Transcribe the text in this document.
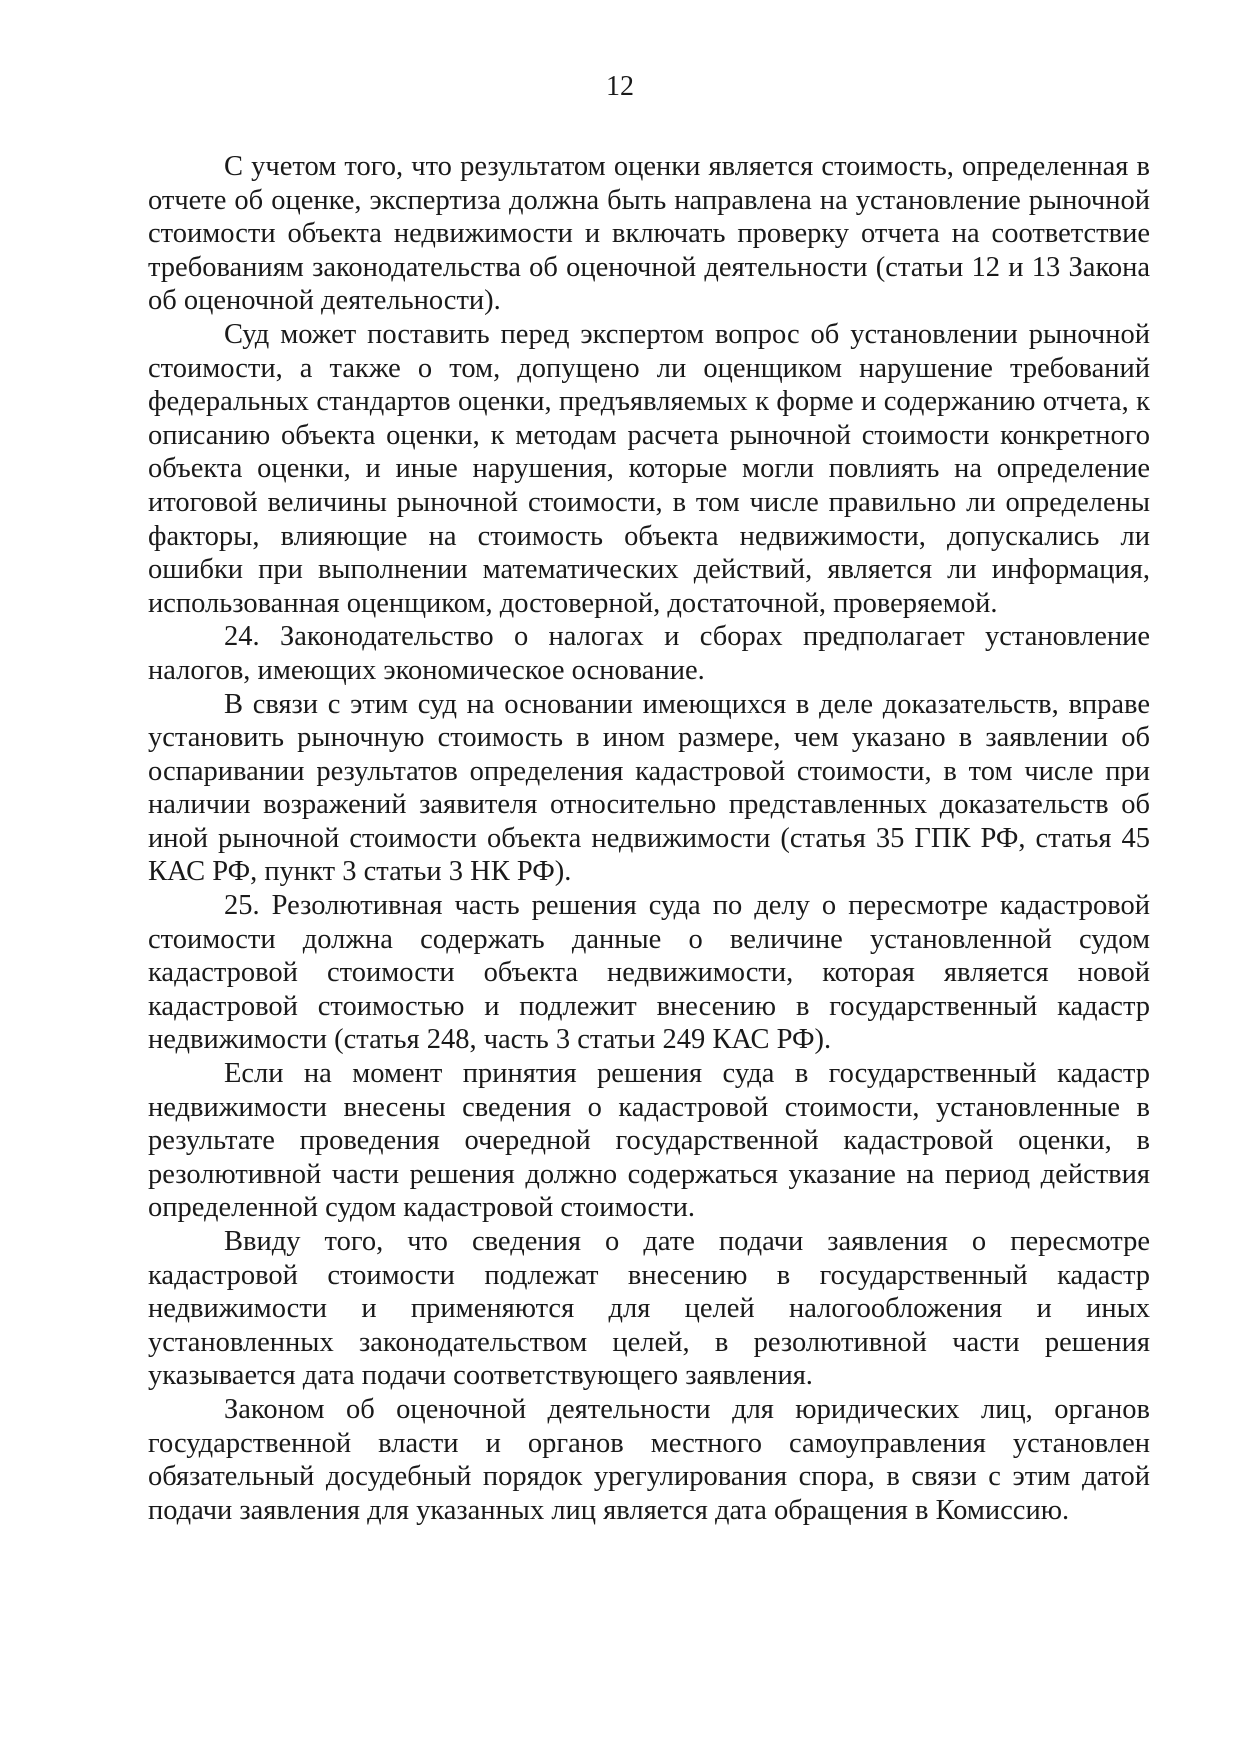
12

С учетом того, что результатом оценки является стоимость, определенная в отчете об оценке, экспертиза должна быть направлена на установление рыночной стоимости объекта недвижимости и включать проверку отчета на соответствие требованиям законодательства об оценочной деятельности (статьи 12 и 13 Закона об оценочной деятельности).

Суд может поставить перед экспертом вопрос об установлении рыночной стоимости, а также о том, допущено ли оценщиком нарушение требований федеральных стандартов оценки, предъявляемых к форме и содержанию отчета, к описанию объекта оценки, к методам расчета рыночной стоимости конкретного объекта оценки, и иные нарушения, которые могли повлиять на определение итоговой величины рыночной стоимости, в том числе правильно ли определены факторы, влияющие на стоимость объекта недвижимости, допускались ли ошибки при выполнении математических действий, является ли информация, использованная оценщиком, достоверной, достаточной, проверяемой.

24. Законодательство о налогах и сборах предполагает установление налогов, имеющих экономическое основание.

В связи с этим суд на основании имеющихся в деле доказательств, вправе установить рыночную стоимость в ином размере, чем указано в заявлении об оспаривании результатов определения кадастровой стоимости, в том числе при наличии возражений заявителя относительно представленных доказательств об иной рыночной стоимости объекта недвижимости (статья 35 ГПК РФ, статья 45 КАС РФ, пункт 3 статьи 3 НК РФ).

25. Резолютивная часть решения суда по делу о пересмотре кадастровой стоимости должна содержать данные о величине установленной судом кадастровой стоимости объекта недвижимости, которая является новой кадастровой стоимостью и подлежит внесению в государственный кадастр недвижимости (статья 248, часть 3 статьи 249 КАС РФ).

Если на момент принятия решения суда в государственный кадастр недвижимости внесены сведения о кадастровой стоимости, установленные в результате проведения очередной государственной кадастровой оценки, в резолютивной части решения должно содержаться указание на период действия определенной судом кадастровой стоимости.

Ввиду того, что сведения о дате подачи заявления о пересмотре кадастровой стоимости подлежат внесению в государственный кадастр недвижимости и применяются для целей налогообложения и иных установленных законодательством целей, в резолютивной части решения указывается дата подачи соответствующего заявления.

Законом об оценочной деятельности для юридических лиц, органов государственной власти и органов местного самоуправления установлен обязательный досудебный порядок урегулирования спора, в связи с этим датой подачи заявления для указанных лиц является дата обращения в Комиссию.
